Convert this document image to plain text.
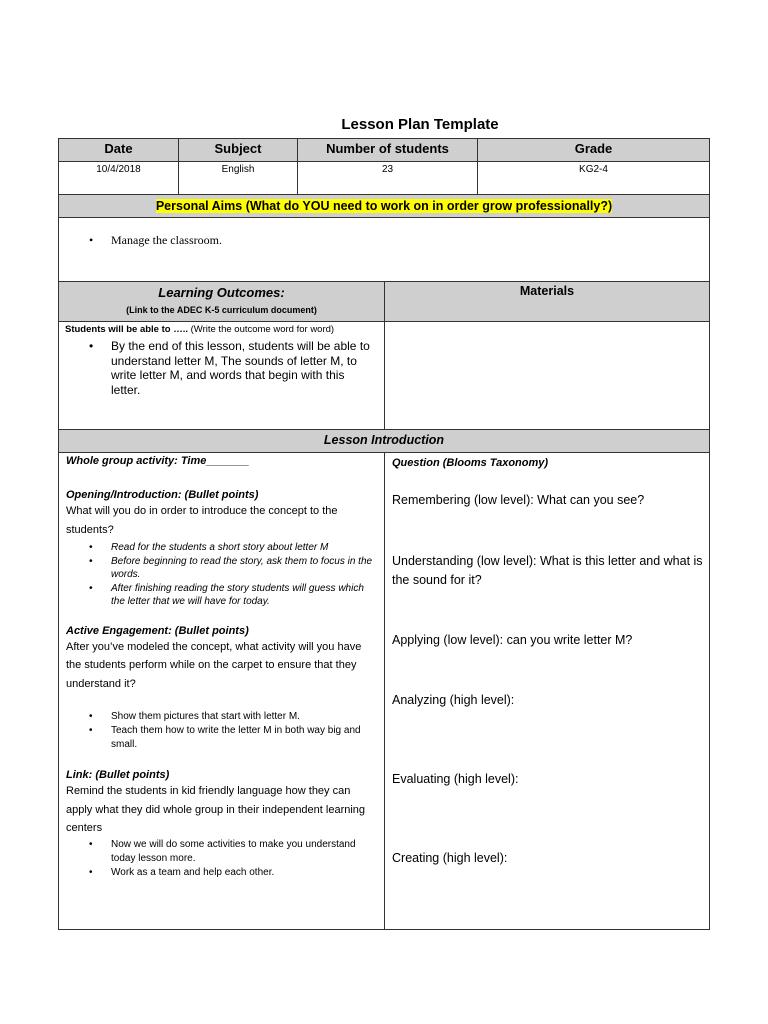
Lesson Plan Template
Date	Subject	Number of students	Grade
10/4/2018	English	23	KG2-4
Personal Aims (What do YOU need to work on in order grow professionally?)
• Manage the classroom.
Learning Outcomes:
(Link to the ADEC K-5 curriculum document)
Materials
Students will be able to ….. (Write the outcome word for word)
• By the end of this lesson, students will be able to understand letter M, The sounds of letter M, to write letter M, and words that begin with this letter.
Lesson Introduction
Whole group activity: Time_______
Opening/Introduction: (Bullet points)
What will you do in order to introduce the concept to the students?
• Read for the students a short story about letter M
• Before beginning to read the story, ask them to focus in the words.
• After finishing reading the story students will guess which the letter that we will have for today.
Active Engagement: (Bullet points)
After you’ve modeled the concept, what activity will you have the students perform while on the carpet to ensure that they understand it?
• Show them pictures that start with letter M.
• Teach them how to write the letter M in both way big and small.
Link: (Bullet points)
Remind the students in kid friendly language how they can apply what they did whole group in their independent learning centers
• Now we will do some activities to make you understand today lesson more.
• Work as a team and help each other.
Question (Blooms Taxonomy)
Remembering (low level): What can you see?
Understanding (low level): What is this letter and what is the sound for it?
Applying (low level): can you write letter M?
Analyzing (high level):
Evaluating (high level):
Creating (high level):
